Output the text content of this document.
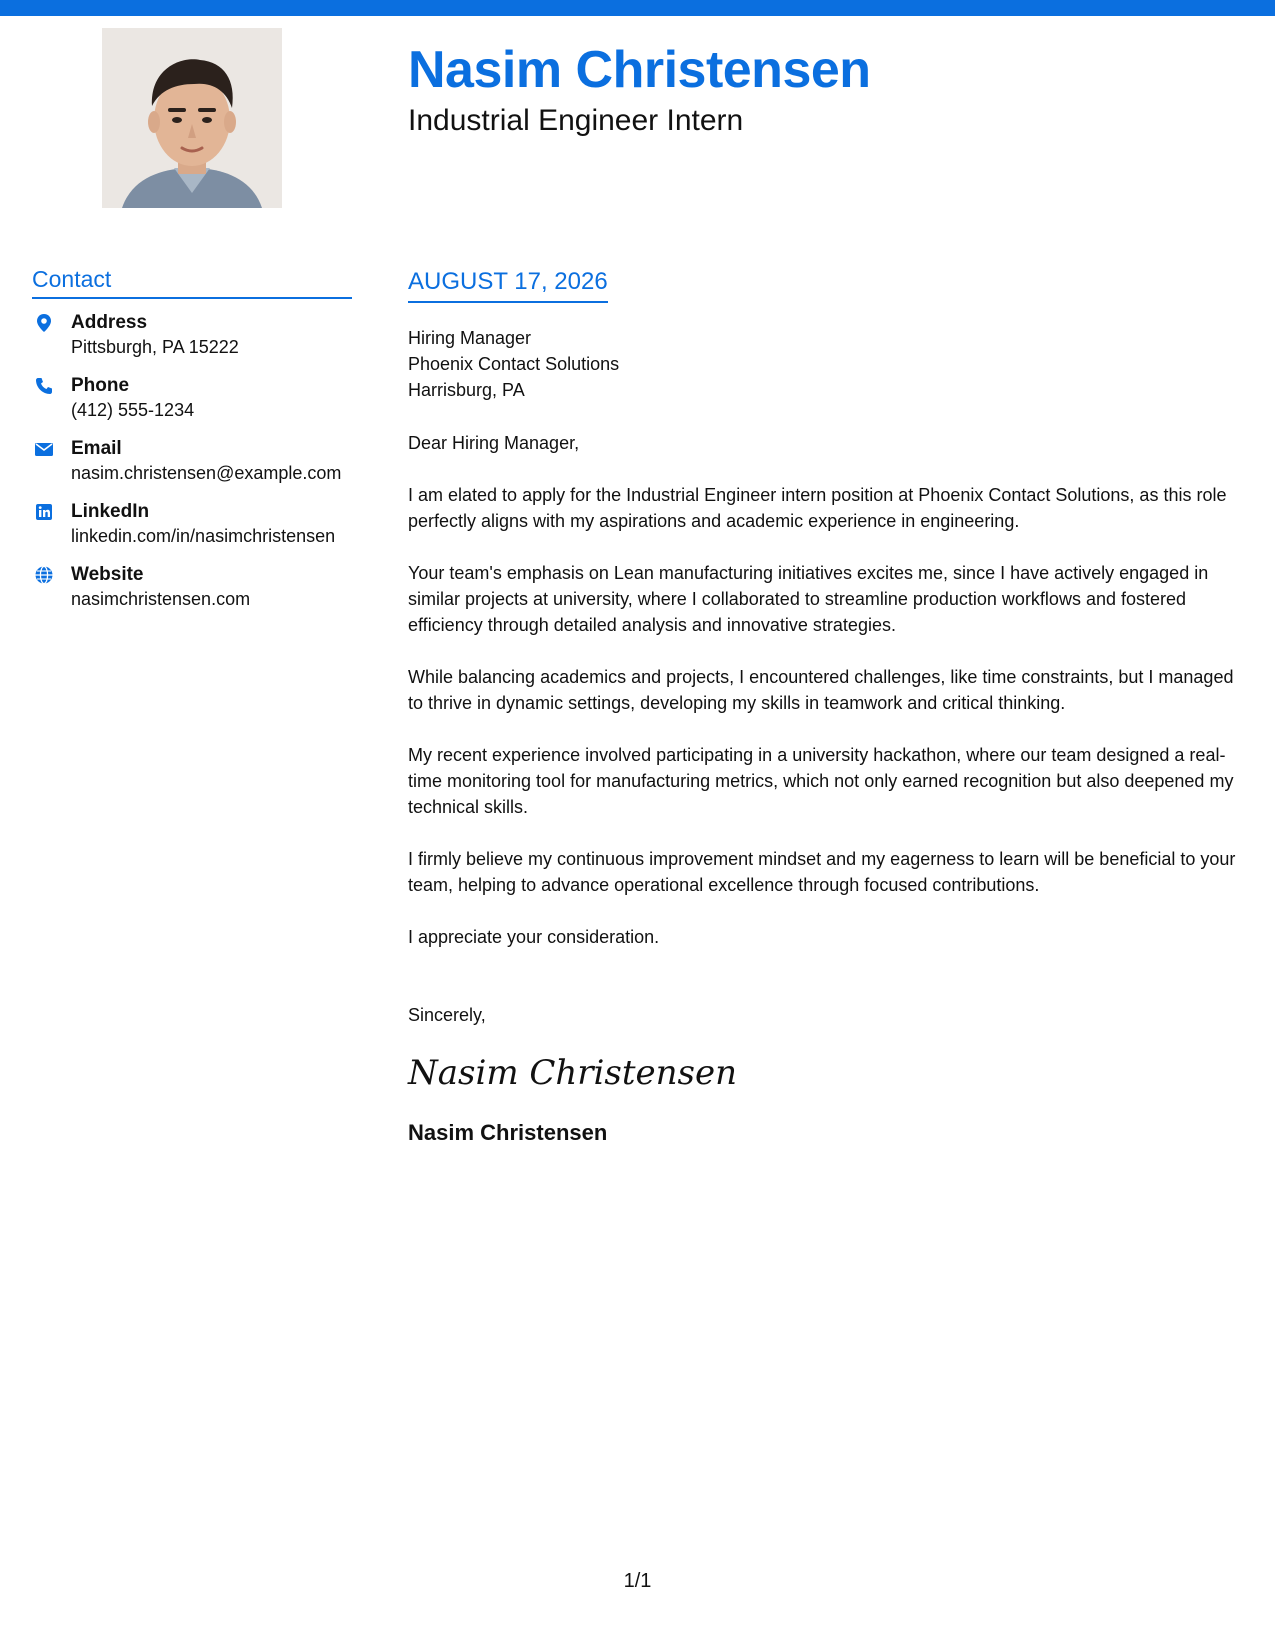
Nasim Christensen
Industrial Engineer Intern
Contact
Address
Pittsburgh, PA 15222
Phone
(412) 555-1234
Email
nasim.christensen@example.com
LinkedIn
linkedin.com/in/nasimchristensen
Website
nasimchristensen.com
AUGUST 17, 2026
Hiring Manager
Phoenix Contact Solutions
Harrisburg, PA
Dear Hiring Manager,
I am elated to apply for the Industrial Engineer intern position at Phoenix Contact Solutions, as this role perfectly aligns with my aspirations and academic experience in engineering.
Your team's emphasis on Lean manufacturing initiatives excites me, since I have actively engaged in similar projects at university, where I collaborated to streamline production workflows and fostered efficiency through detailed analysis and innovative strategies.
While balancing academics and projects, I encountered challenges, like time constraints, but I managed to thrive in dynamic settings, developing my skills in teamwork and critical thinking.
My recent experience involved participating in a university hackathon, where our team designed a real-time monitoring tool for manufacturing metrics, which not only earned recognition but also deepened my technical skills.
I firmly believe my continuous improvement mindset and my eagerness to learn will be beneficial to your team, helping to advance operational excellence through focused contributions.
I appreciate your consideration.
Sincerely,
Nasim Christensen
Nasim Christensen
1/1
